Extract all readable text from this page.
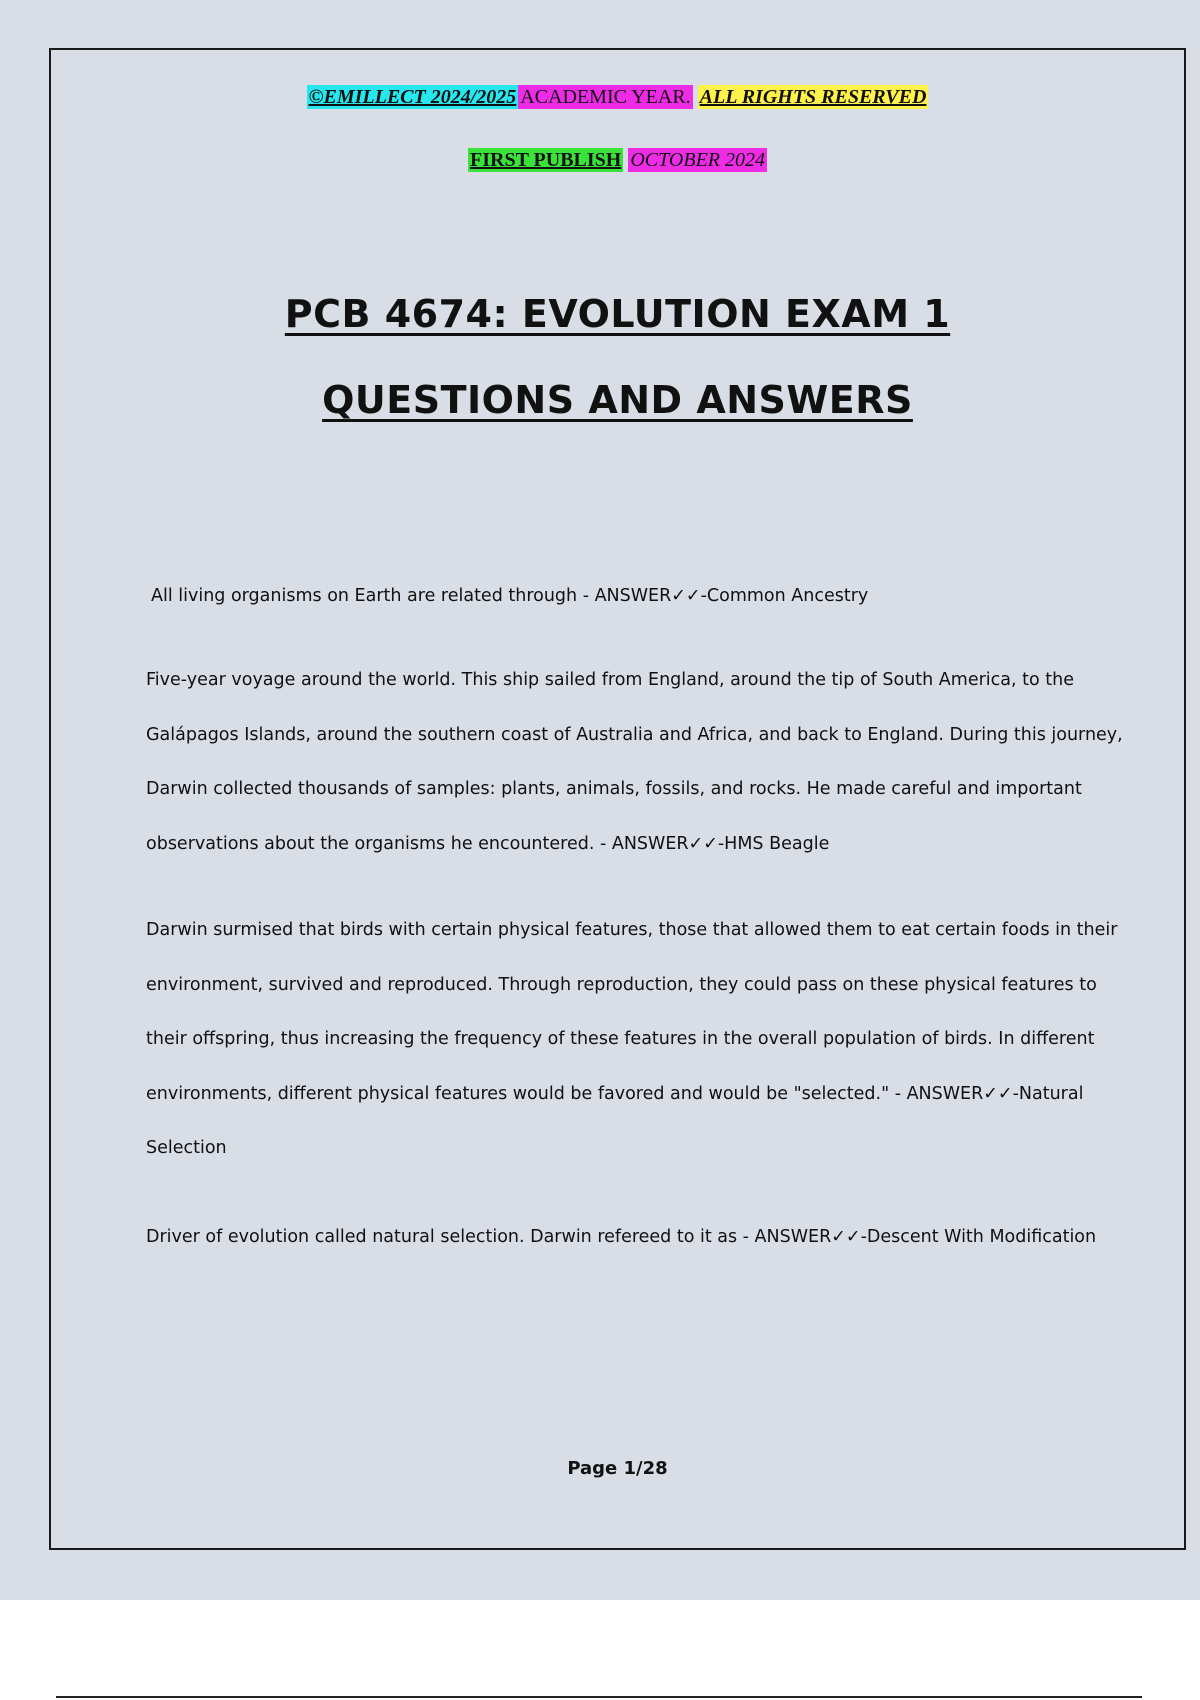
©EMILLECT 2024/2025 ACADEMIC YEAR. ALL RIGHTS RESERVED
FIRST PUBLISH OCTOBER 2024
PCB 4674: EVOLUTION EXAM 1
QUESTIONS AND ANSWERS
All living organisms on Earth are related through - ANSWER✓✓-Common Ancestry
Five-year voyage around the world. This ship sailed from England, around the tip of South America, to the Galápagos Islands, around the southern coast of Australia and Africa, and back to England. During this journey, Darwin collected thousands of samples: plants, animals, fossils, and rocks. He made careful and important observations about the organisms he encountered. - ANSWER✓✓-HMS Beagle
Darwin surmised that birds with certain physical features, those that allowed them to eat certain foods in their environment, survived and reproduced. Through reproduction, they could pass on these physical features to their offspring, thus increasing the frequency of these features in the overall population of birds. In different environments, different physical features would be favored and would be "selected." - ANSWER✓✓-Natural Selection
Driver of evolution called natural selection. Darwin refereed to it as - ANSWER✓✓-Descent With Modification
Page 1/28
